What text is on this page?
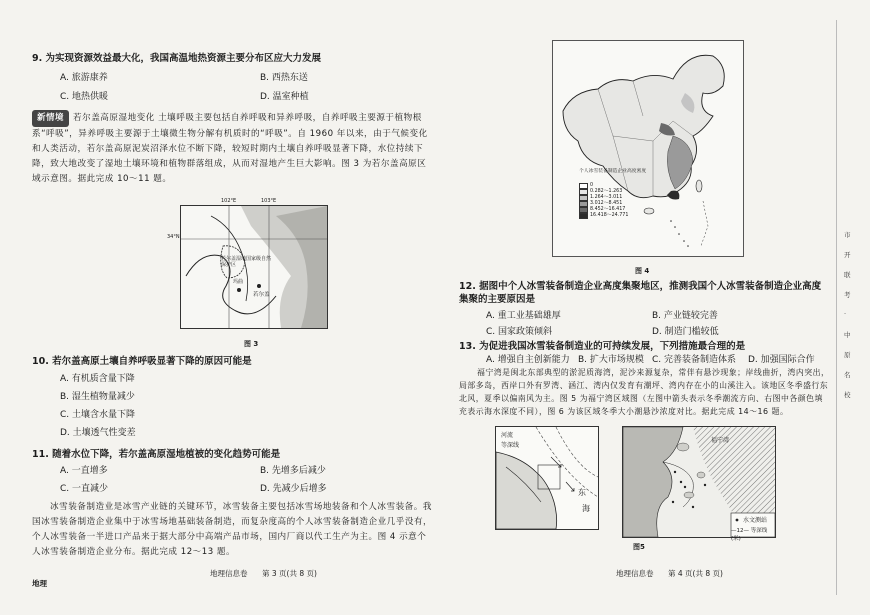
9. 为实现资源效益最大化，我国高温地热资源主要分布区应大力发展
A. 旅游康养	B. 西热东送
C. 地热供暖	D. 温室种植
新情境 若尔盖高原湿地变化 土壤呼吸主要包括自养呼吸和异养呼吸，自养呼吸主要源于植物根系“呼吸”，异养呼吸主要源于土壤微生物分解有机质时的“呼吸”。自 1960 年以来，由于气候变化和人类活动，若尔盖高原泥炭沼泽水位不断下降，较短时期内土壤自养呼吸显著下降，水位持续下降，致大地改变了湿地土壤环境和植物群落组成，从而对湿地产生巨大影响。图 3 为若尔盖高原区域示意图。据此完成 10～11 题。
34°N
102°E	103°E
若尔盖湿地国家级自然保护区
玛曲
若尔盖
图 3
10. 若尔盖高原土壤自养呼吸显著下降的原因可能是
A. 有机质含量下降
B. 湿生植物量减少
C. 土壤含水量下降
D. 土壤透气性变差
11. 随着水位下降，若尔盖高原湿地植被的变化趋势可能是
A. 一直增多	B. 先增多后减少
C. 一直减少	D. 先减少后增多
冰雪装备制造业是冰雪产业链的关键环节，冰雪装备主要包括冰雪场地装备和个人冰雪装备。我国冰雪装备制造企业集中于冰雪场地基础装备制造，而复杂度高的个人冰雪装备制造企业几乎没有，个人冰雪装备一半进口产品来于据大部分中高端产品市场，国内厂商以代工生产为主。图 4 示意个人冰雪装备制造企业分布。据此完成 12～13 题。
地理
地理信息卷 第 3 页(共 8 页)
个人冰雪装备制造企业高度密度
0
0.282～1.263
1.264～3.011
3.012～8.451
8.452～16.417
16.418～24.771
图 4
12. 据图中个人冰雪装备制造企业高度集聚地区，推测我国个人冰雪装备制造企业高度集聚的主要原因是
A. 重工业基础雄厚	B. 产业链较完善
C. 国家政策倾斜	D. 制造门槛较低
13. 为促进我国冰雪装备制造业的可持续发展，下列措施最合理的是
A. 增强自主创新能力 B. 扩大市场规模 C. 完善装备制造体系 D. 加强国际合作
福宁湾是闽北东部典型的淤泥质海湾，泥沙来源复杂，常伴有悬沙现象；岸线曲折，湾内突出，局部多岛，西岸口外有罗湾、涵江、湾内仅发育有潮坪、湾内存在小的山溪注入。该地区冬季盛行东北风，夏季以偏南风为主。图 5 为福宁湾区域图（左图中箭头表示冬季潮流方向、右图中各颜色填充表示海水深度不同），图 6 为该区域冬季大小潮悬沙浓度对比。据此完成 14～16 题。
河流
等深线
东
海
福宁湾
水文测站
—12— 等深线(米)
图5
地理信息卷 第 4 页(共 8 页)
市
开
联
考
·
中
原
名
校
